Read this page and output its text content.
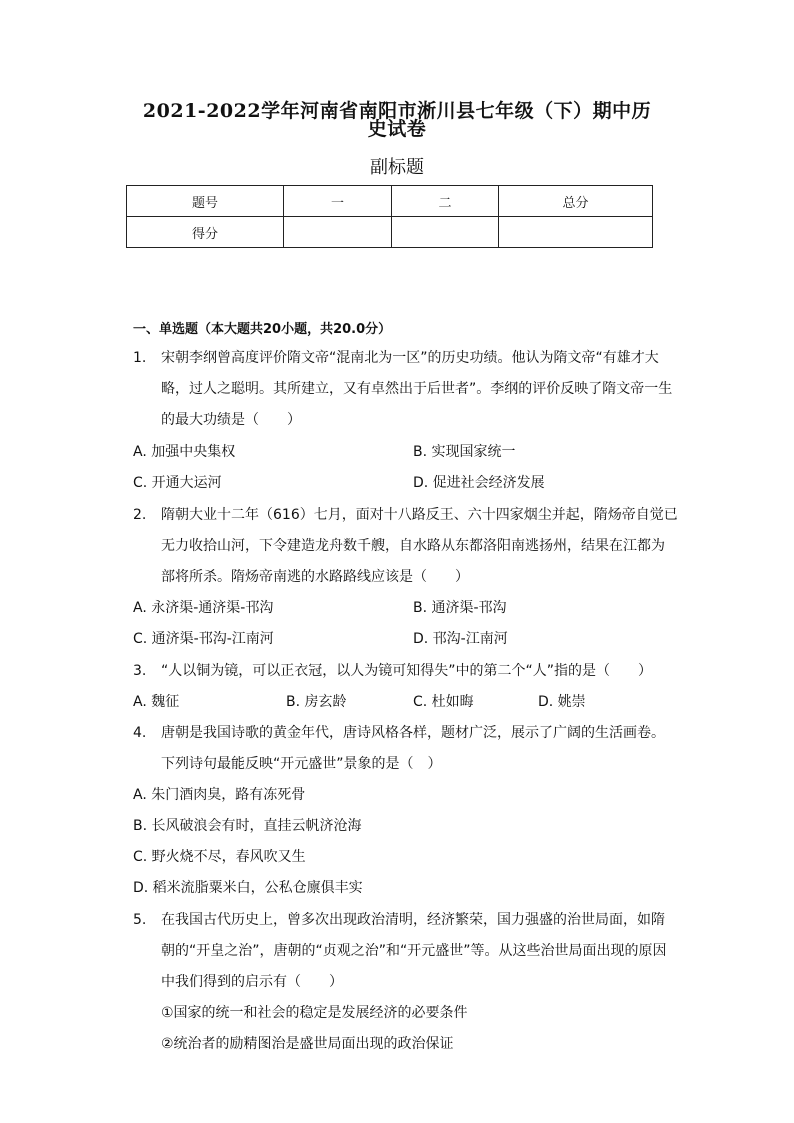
2021-2022学年河南省南阳市淅川县七年级（下）期中历
史试卷
副标题
题号	一	二	总分
得分			
一、单选题（本大题共20小题，共20.0分）
1. 宋朝李纲曾高度评价隋文帝“混南北为一区”的历史功绩。他认为隋文帝“有雄才大略，过人之聪明。其所建立，又有卓然出于后世者”。李纲的评价反映了隋文帝一生的最大功绩是（　　）
A. 加强中央集权	B. 实现国家统一
C. 开通大运河	D. 促进社会经济发展
2. 隋朝大业十二年（616）七月，面对十八路反王、六十四家烟尘并起，隋炀帝自觉已无力收拾山河，下令建造龙舟数千艘，自水路从东都洛阳南逃扬州，结果在江都为部将所杀。隋炀帝南逃的水路路线应该是（　　）
A. 永济渠-通济渠-邗沟	B. 通济渠-邗沟
C. 通济渠-邗沟-江南河	D. 邗沟-江南河
3. “人以铜为镜，可以正衣冠，以人为镜可知得失”中的第二个“人”指的是（　　）
A. 魏征	B. 房玄龄	C. 杜如晦	D. 姚崇
4. 唐朝是我国诗歌的黄金年代，唐诗风格各样，题材广泛，展示了广阔的生活画卷。下列诗句最能反映“开元盛世”景象的是（　）
A. 朱门酒肉臭，路有冻死骨
B. 长风破浪会有时，直挂云帆济沧海
C. 野火烧不尽，春风吹又生
D. 稻米流脂粟米白，公私仓廪俱丰实
5. 在我国古代历史上，曾多次出现政治清明，经济繁荣，国力强盛的治世局面，如隋朝的“开皇之治”，唐朝的“贞观之治”和“开元盛世”等。从这些治世局面出现的原因中我们得到的启示有（　　）
①国家的统一和社会的稳定是发展经济的必要条件
②统治者的励精图治是盛世局面出现的政治保证
